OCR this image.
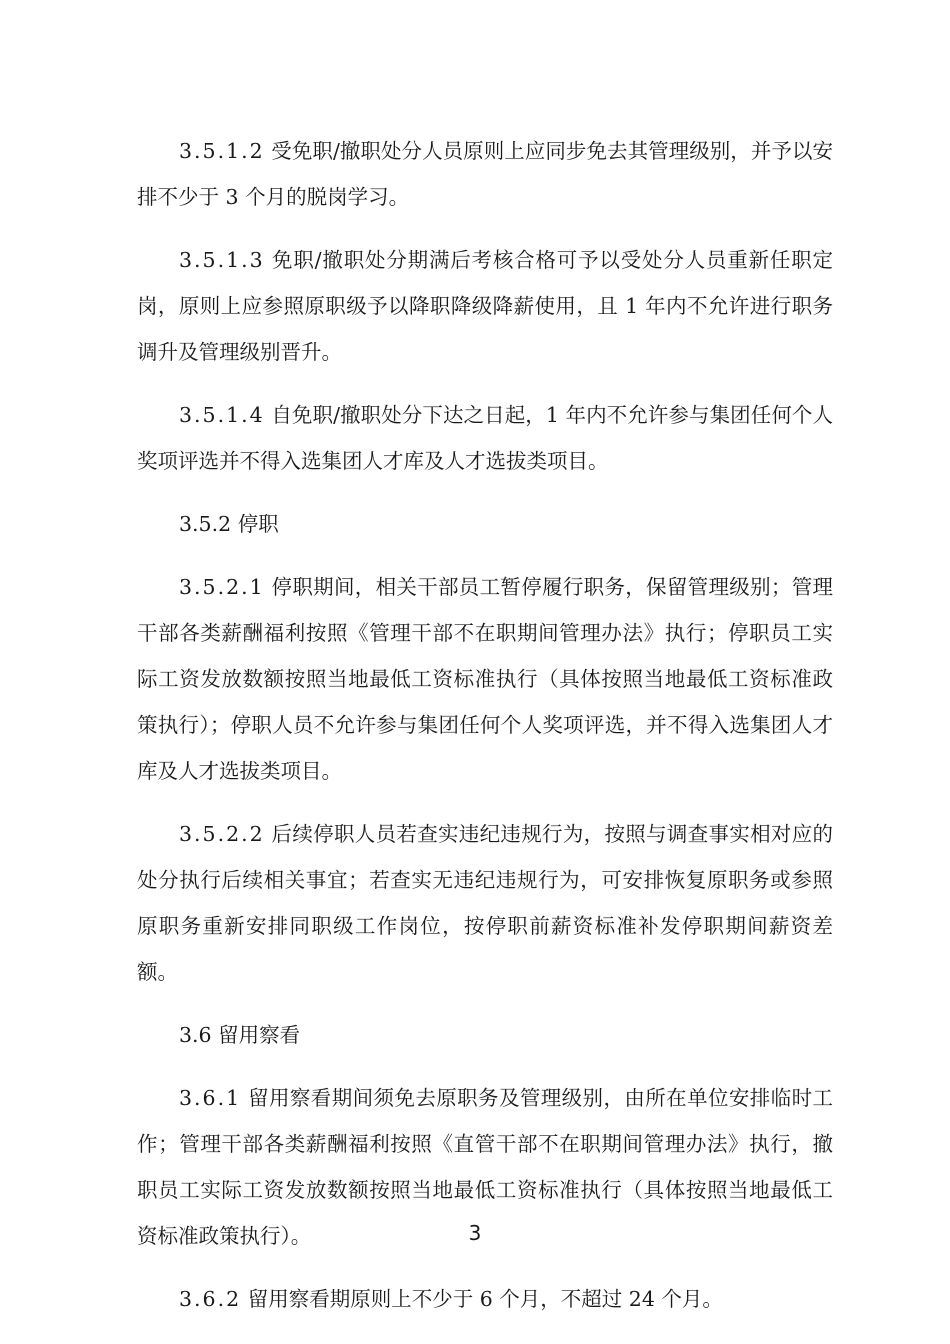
3.5.1.2 受免职/撤职处分人员原则上应同步免去其管理级别，并予以安排不少于 3 个月的脱岗学习。

3.5.1.3 免职/撤职处分期满后考核合格可予以受处分人员重新任职定岗，原则上应参照原职级予以降职降级降薪使用，且 1 年内不允许进行职务调升及管理级别晋升。

3.5.1.4 自免职/撤职处分下达之日起，1 年内不允许参与集团任何个人奖项评选并不得入选集团人才库及人才选拔类项目。

3.5.2 停职

3.5.2.1 停职期间，相关干部员工暂停履行职务，保留管理级别；管理干部各类薪酬福利按照《管理干部不在职期间管理办法》执行；停职员工实际工资发放数额按照当地最低工资标准执行（具体按照当地最低工资标准政策执行）；停职人员不允许参与集团任何个人奖项评选，并不得入选集团人才库及人才选拔类项目。

3.5.2.2 后续停职人员若查实违纪违规行为，按照与调查事实相对应的处分执行后续相关事宜；若查实无违纪违规行为，可安排恢复原职务或参照原职务重新安排同职级工作岗位，按停职前薪资标准补发停职期间薪资差额。

3.6 留用察看

3.6.1 留用察看期间须免去原职务及管理级别，由所在单位安排临时工作；管理干部各类薪酬福利按照《直管干部不在职期间管理办法》执行，撤职员工实际工资发放数额按照当地最低工资标准执行（具体按照当地最低工资标准政策执行）。

3.6.2 留用察看期原则上不少于 6 个月，不超过 24 个月。

3
